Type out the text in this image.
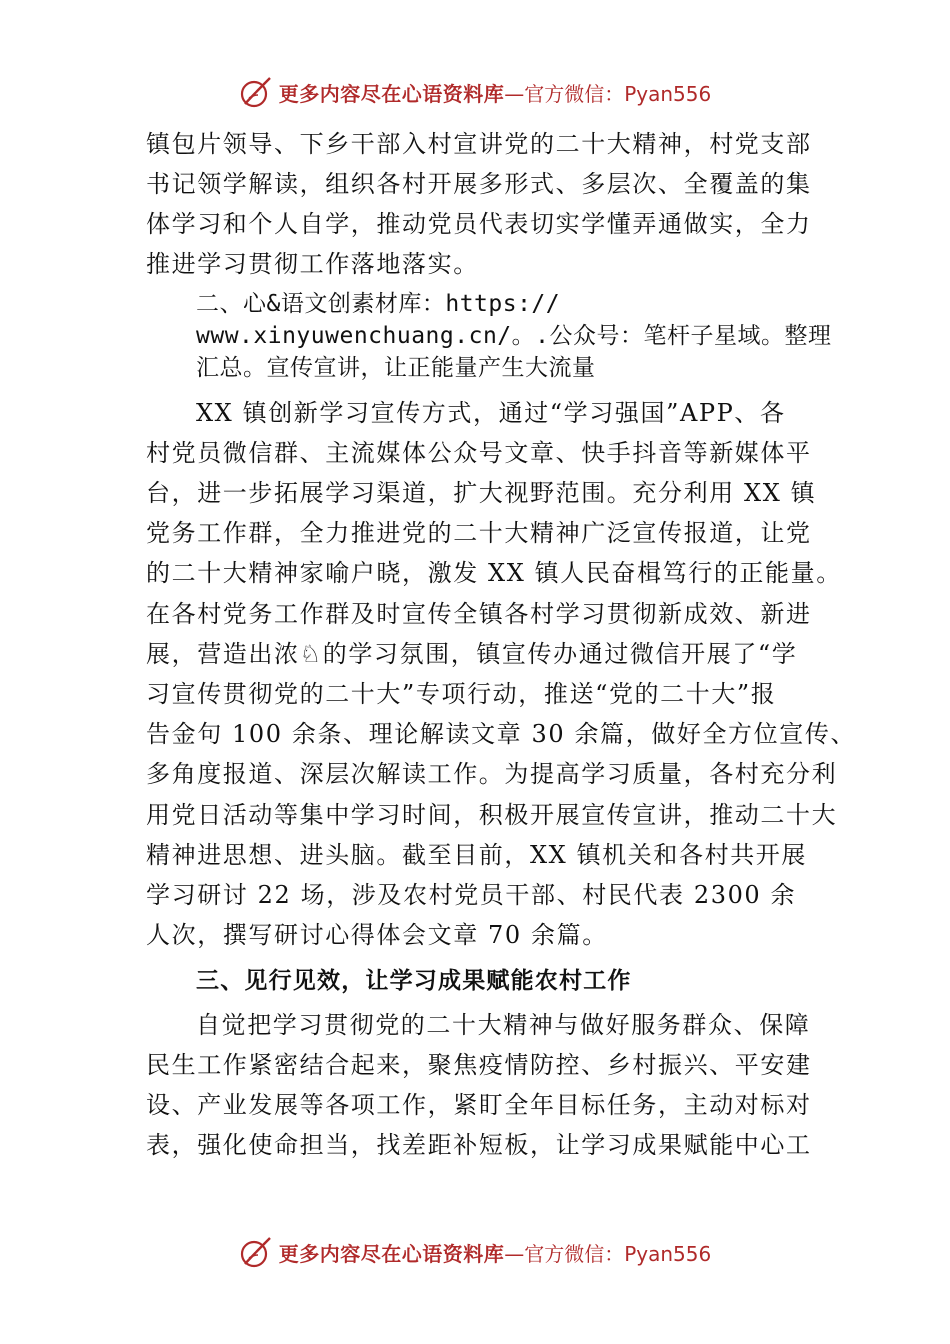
更多内容尽在心语资料库 —官方微信：Pyan556
镇包片领导、下乡干部入村宣讲党的二十大精神，村党支部
书记领学解读，组织各村开展多形式、多层次、全覆盖的集
体学习和个人自学，推动党员代表切实学懂弄通做实，全力
推进学习贯彻工作落地落实。
二、心&语文创素材库：https://
www.xinyuwenchuang.cn/。.公众号：笔杆子星域。整理
汇总。宣传宣讲，让正能量产生大流量
XX 镇创新学习宣传方式，通过“学习强国”APP、各
村党员微信群、主流媒体公众号文章、快手抖音等新媒体平
台，进一步拓展学习渠道，扩大视野范围。充分利用 XX 镇
党务工作群，全力推进党的二十大精神广泛宣传报道，让党
的二十大精神家喻户晓，激发 XX 镇人民奋楫笃行的正能量。
在各村党务工作群及时宣传全镇各村学习贯彻新成效、新进
展，营造出浓♘的学习氛围，镇宣传办通过微信开展了“学
习宣传贯彻党的二十大”专项行动，推送“党的二十大”报
告金句 100 余条、理论解读文章 30 余篇，做好全方位宣传、
多角度报道、深层次解读工作。为提高学习质量，各村充分利
用党日活动等集中学习时间，积极开展宣传宣讲，推动二十大
精神进思想、进头脑。截至目前，XX 镇机关和各村共开展
学习研讨 22 场，涉及农村党员干部、村民代表 2300 余
人次，撰写研讨心得体会文章 70 余篇。
三、见行见效，让学习成果赋能农村工作
自觉把学习贯彻党的二十大精神与做好服务群众、保障
民生工作紧密结合起来，聚焦疫情防控、乡村振兴、平安建
设、产业发展等各项工作，紧盯全年目标任务，主动对标对
表，强化使命担当，找差距补短板，让学习成果赋能中心工
更多内容尽在心语资料库 —官方微信：Pyan556
